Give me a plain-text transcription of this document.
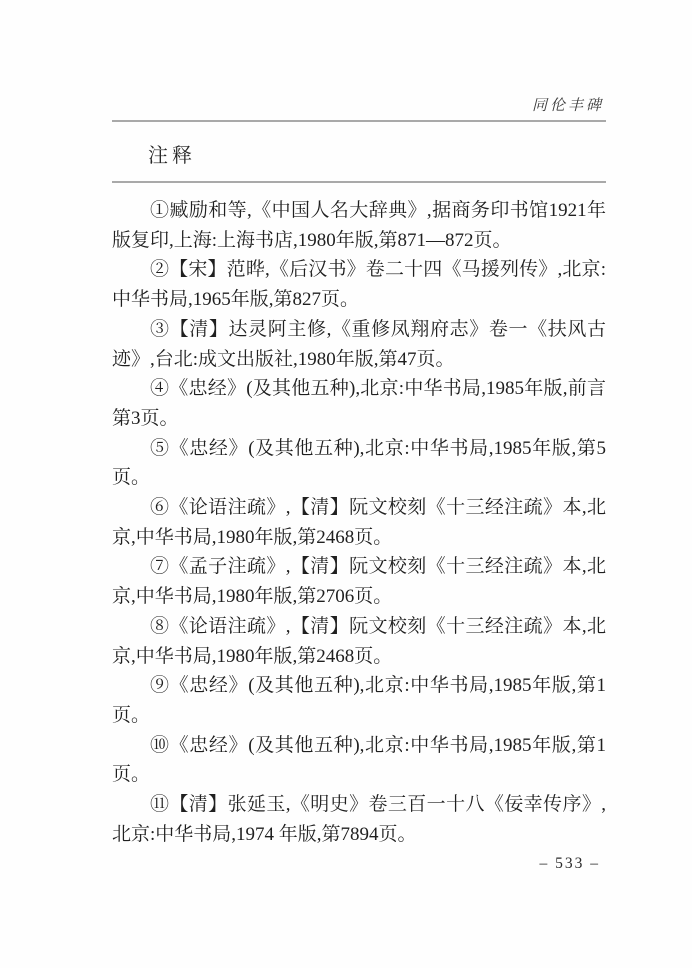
同伦丰碑
注释

①臧励和等,《中国人名大辞典》,据商务印书馆1921年版复印,上海:上海书店,1980年版,第871—872页。

②【宋】范晔,《后汉书》卷二十四《马援列传》,北京:中华书局,1965年版,第827页。

③【清】达灵阿主修,《重修凤翔府志》卷一《扶风古迹》,台北:成文出版社,1980年版,第47页。

④《忠经》(及其他五种),北京:中华书局,1985年版,前言第3页。

⑤《忠经》(及其他五种),北京:中华书局,1985年版,第5页。

⑥《论语注疏》,【清】阮文校刻《十三经注疏》本,北京,中华书局,1980年版,第2468页。

⑦《孟子注疏》,【清】阮文校刻《十三经注疏》本,北京,中华书局,1980年版,第2706页。

⑧《论语注疏》,【清】阮文校刻《十三经注疏》本,北京,中华书局,1980年版,第2468页。

⑨《忠经》(及其他五种),北京:中华书局,1985年版,第1页。

⑩《忠经》(及其他五种),北京:中华书局,1985年版,第1页。

⑪【清】张延玉,《明史》卷三百一十八《佞幸传序》,北京:中华书局,1974 年版,第7894页。

– 533 –
